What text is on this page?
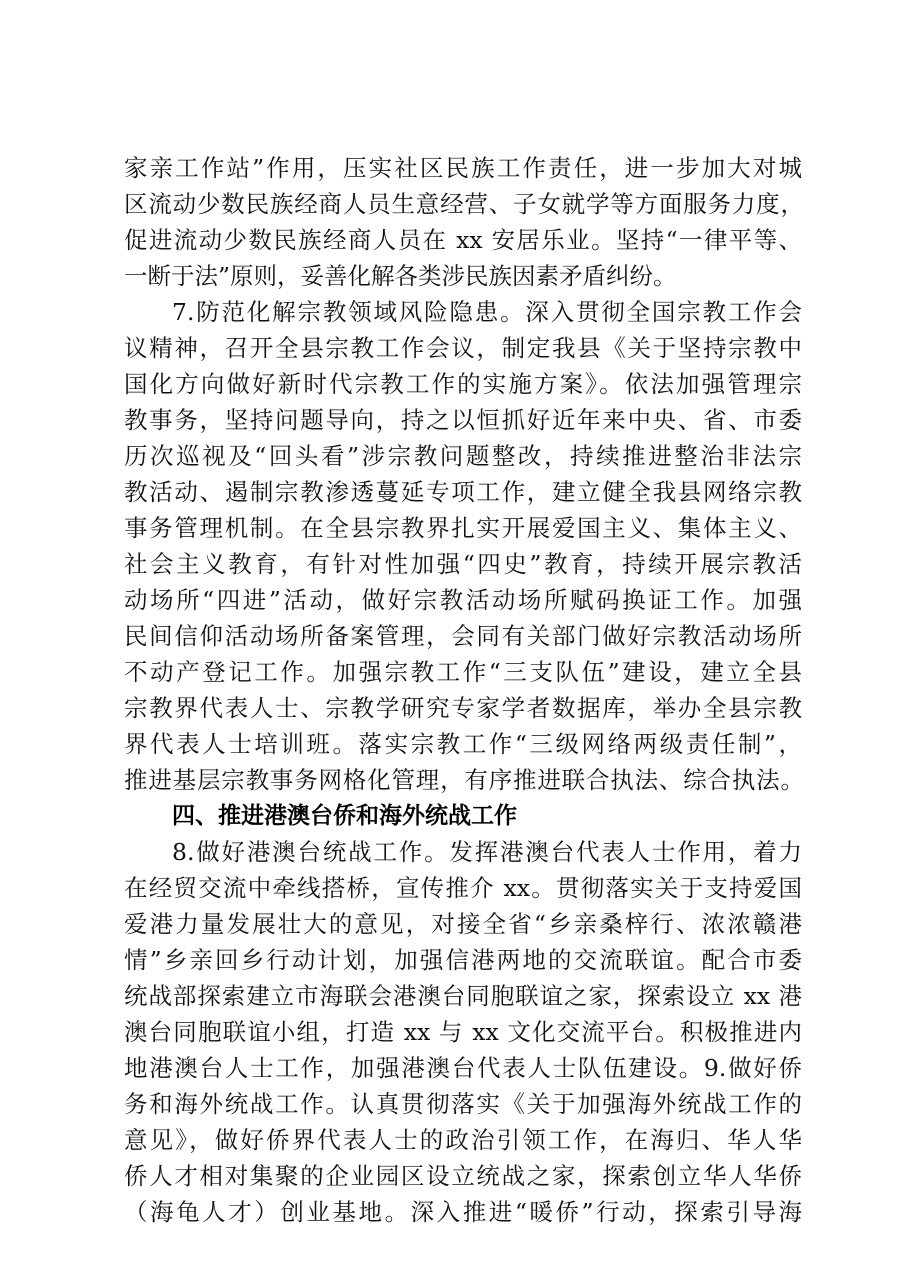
家亲工作站”作用，压实社区民族工作责任，进一步加大对城
区流动少数民族经商人员生意经营、子女就学等方面服务力度，
促进流动少数民族经商人员在 xx 安居乐业。坚持“一律平等、
一断于法”原则，妥善化解各类涉民族因素矛盾纠纷。
7.防范化解宗教领域风险隐患。深入贯彻全国宗教工作会
议精神，召开全县宗教工作会议，制定我县《关于坚持宗教中
国化方向做好新时代宗教工作的实施方案》。依法加强管理宗
教事务，坚持问题导向，持之以恒抓好近年来中央、省、市委
历次巡视及“回头看”涉宗教问题整改，持续推进整治非法宗
教活动、遏制宗教渗透蔓延专项工作，建立健全我县网络宗教
事务管理机制。在全县宗教界扎实开展爱国主义、集体主义、
社会主义教育，有针对性加强“四史”教育，持续开展宗教活
动场所“四进”活动，做好宗教活动场所赋码换证工作。加强
民间信仰活动场所备案管理，会同有关部门做好宗教活动场所
不动产登记工作。加强宗教工作“三支队伍”建设，建立全县
宗教界代表人士、宗教学研究专家学者数据库，举办全县宗教
界代表人士培训班。落实宗教工作“三级网络两级责任制”，
推进基层宗教事务网格化管理，有序推进联合执法、综合执法。
四、推进港澳台侨和海外统战工作
8.做好港澳台统战工作。发挥港澳台代表人士作用，着力
在经贸交流中牵线搭桥，宣传推介 xx。贯彻落实关于支持爱国
爱港力量发展壮大的意见，对接全省“乡亲桑梓行、浓浓赣港
情”乡亲回乡行动计划，加强信港两地的交流联谊。配合市委
统战部探索建立市海联会港澳台同胞联谊之家，探索设立 xx 港
澳台同胞联谊小组，打造 xx 与 xx 文化交流平台。积极推进内
地港澳台人士工作，加强港澳台代表人士队伍建设。9.做好侨
务和海外统战工作。认真贯彻落实《关于加强海外统战工作的
意见》，做好侨界代表人士的政治引领工作，在海归、华人华
侨人才相对集聚的企业园区设立统战之家，探索创立华人华侨
（海龟人才）创业基地。深入推进“暖侨”行动，探索引导海
